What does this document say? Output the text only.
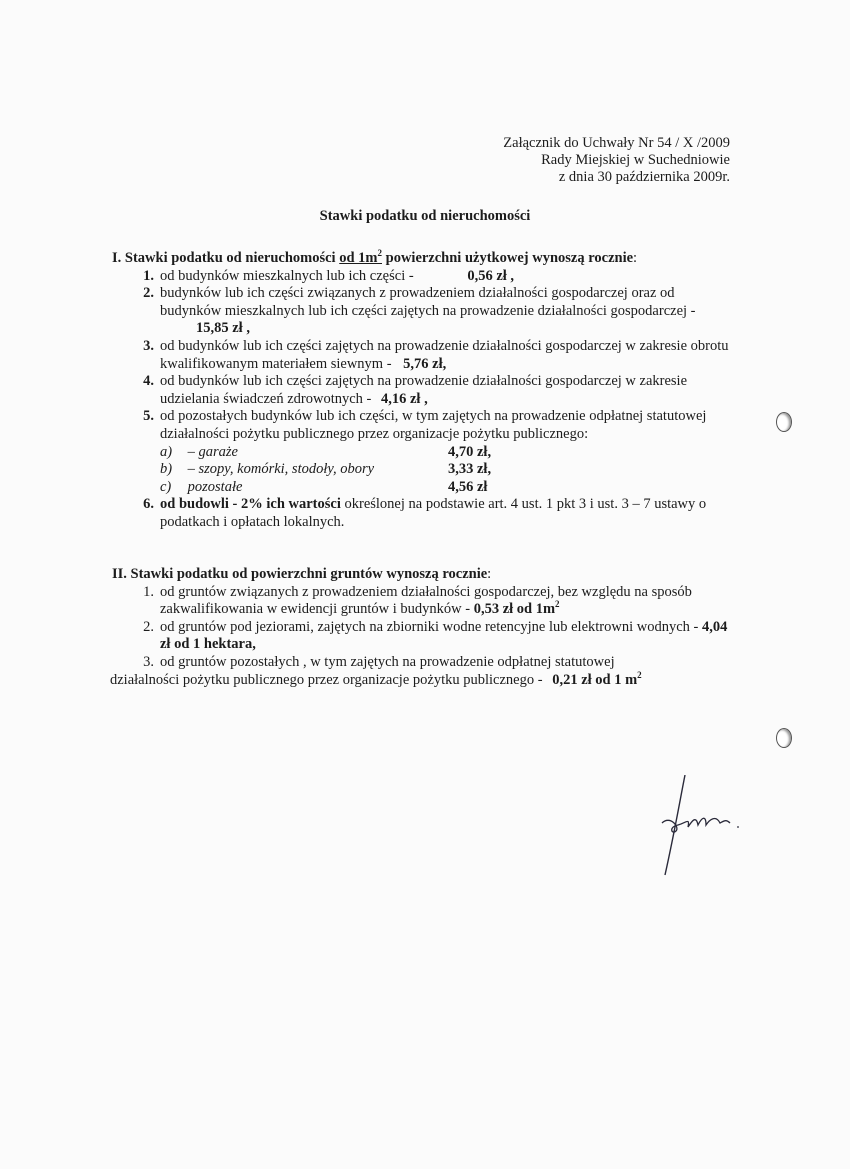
Załącznik do Uchwały Nr 54 / X /2009
Rady Miejskiej w Suchedniowie
z dnia 30 października 2009r.
Stawki podatku od nieruchomości
I. Stawki podatku od nieruchomości od $1m^2$ powierzchni użytkowej wynoszą rocznie:
1. od budynków mieszkalnych lub ich części -	0,56 zł ,
2. budynków lub ich części związanych z prowadzeniem działalności gospodarczej oraz od budynków mieszkalnych lub ich części zajętych na prowadzenie działalności gospodarczej - 15,85 zł ,
3. od budynków lub ich części zajętych na prowadzenie działalności gospodarczej w zakresie obrotu kwalifikowanym materiałem siewnym - 5,76 zł,
4. od budynków lub ich części zajętych na prowadzenie działalności gospodarczej w zakresie udzielania świadczeń zdrowotnych - 4,16 zł ,
5. od pozostałych budynków lub ich części, w tym zajętych na prowadzenie odpłatnej statutowej działalności pożytku publicznego przez organizacje pożytku publicznego:
a) – garaże	4,70 zł,
b) – szopy, komórki, stodoły, obory	3,33 zł,
c) pozostałe	4,56 zł
6. od budowli - 2% ich wartości określonej na podstawie art. 4 ust. 1 pkt 3 i ust. 3 – 7 ustawy o podatkach i opłatach lokalnych.
II. Stawki podatku od powierzchni gruntów wynoszą rocznie:
1. od gruntów związanych z prowadzeniem działalności gospodarczej, bez względu na sposób zakwalifikowania w ewidencji gruntów i budynków - 0,53 zł od $1m^2$
2. od gruntów pod jeziorami, zajętych na zbiorniki wodne retencyjne lub elektrowni wodnych - 4,04 zł od 1 hektara,
3. od gruntów pozostałych , w tym zajętych na prowadzenie odpłatnej statutowej
działalności pożytku publicznego przez organizacje pożytku publicznego - 0,21 zł od 1 $m^2$
